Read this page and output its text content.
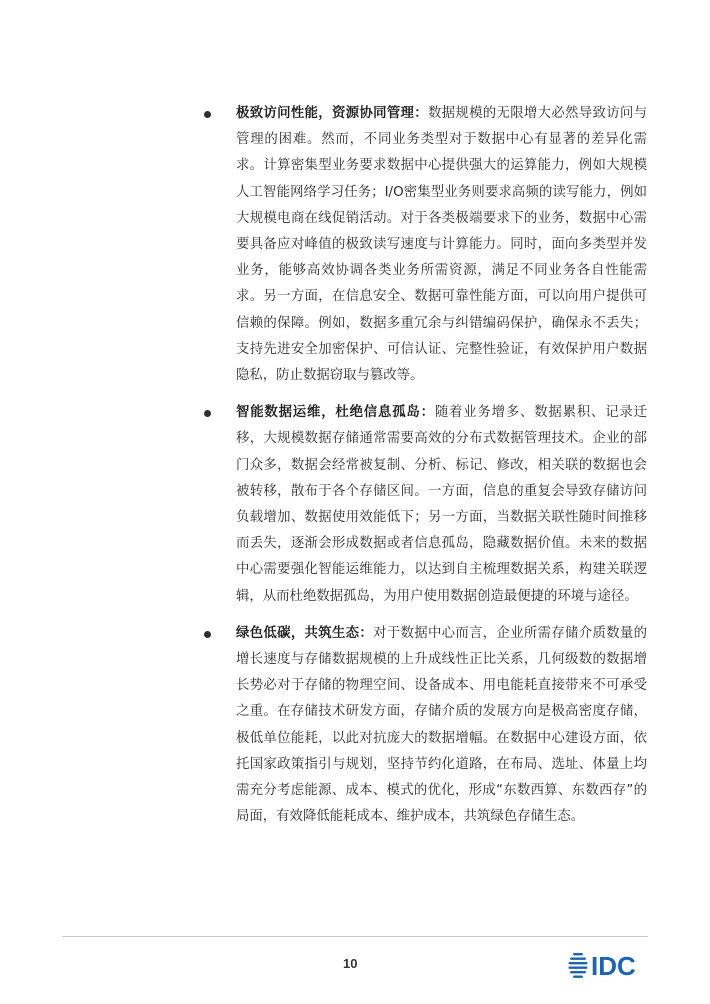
极致访问性能，资源协同管理：数据规模的无限增大必然导致访问与管理的困难。然而，不同业务类型对于数据中心有显著的差异化需求。计算密集型业务要求数据中心提供强大的运算能力，例如大规模人工智能网络学习任务；I/O密集型业务则要求高频的读写能力，例如大规模电商在线促销活动。对于各类极端要求下的业务，数据中心需要具备应对峰值的极致读写速度与计算能力。同时，面向多类型并发业务，能够高效协调各类业务所需资源，满足不同业务各自性能需求。另一方面，在信息安全、数据可靠性能方面，可以向用户提供可信赖的保障。例如，数据多重冗余与纠错编码保护，确保永不丢失；支持先进安全加密保护、可信认证、完整性验证，有效保护用户数据隐私，防止数据窃取与篡改等。
智能数据运维，杜绝信息孤岛：随着业务增多、数据累积、记录迁移，大规模数据存储通常需要高效的分布式数据管理技术。企业的部门众多，数据会经常被复制、分析、标记、修改，相关联的数据也会被转移，散布于各个存储区间。一方面，信息的重复会导致存储访问负载增加、数据使用效能低下；另一方面，当数据关联性随时间推移而丢失，逐渐会形成数据或者信息孤岛，隐藏数据价值。未来的数据中心需要强化智能运维能力，以达到自主梳理数据关系，构建关联逻辑，从而杜绝数据孤岛，为用户使用数据创造最便捷的环境与途径。
绿色低碳，共筑生态：对于数据中心而言，企业所需存储介质数量的增长速度与存储数据规模的上升成线性正比关系，几何级数的数据增长势必对于存储的物理空间、设备成本、用电能耗直接带来不可承受之重。在存储技术研发方面，存储介质的发展方向是极高密度存储，极低单位能耗，以此对抗庞大的数据增幅。在数据中心建设方面，依托国家政策指引与规划，坚持节约化道路，在布局、选址、体量上均需充分考虑能源、成本、模式的优化，形成“东数西算、东数西存”的局面，有效降低能耗成本、维护成本，共筑绿色存储生态。
10	IDC
